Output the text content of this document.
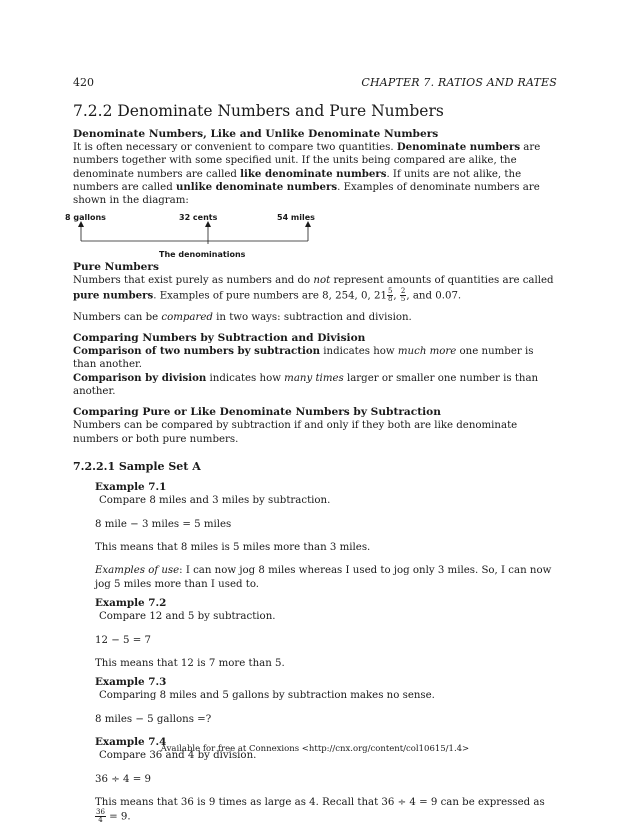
420	CHAPTER 7. RATIOS AND RATES
7.2.2 Denominate Numbers and Pure Numbers
Denominate Numbers, Like and Unlike Denominate Numbers

It is often necessary or convenient to compare two quantities. Denominate numbers are numbers together with some specified unit. If the units being compared are alike, the denominate numbers are called like denominate numbers. If units are not alike, the numbers are called unlike denominate numbers. Examples of denominate numbers are shown in the diagram:

8 gallons	32 cents	54 miles
The denominations
Pure Numbers

Numbers that exist purely as numbers and do not represent amounts of quantities are called pure numbers. Examples of pure numbers are 8, 254, 0, $21 \frac{5}{8}$ , $\frac{2}{5}$ , and 0.07.

Numbers can be compared in two ways: subtraction and division.

Comparing Numbers by Subtraction and Division

Comparison of two numbers by subtraction indicates how much more one number is than another.

Comparison by division indicates how many times larger or smaller one number is than another.

Comparing Pure or Like Denominate Numbers by Subtraction

Numbers can be compared by subtraction if and only if they both are like denominate numbers or both pure numbers.

7.2.2.1 Sample Set A
Example 7.1
Compare 8 miles and 3 miles by subtraction.
8 mile − 3 miles = 5 miles
This means that 8 miles is 5 miles more than 3 miles.
Examples of use: I can now jog 8 miles whereas I used to jog only 3 miles. So, I can now jog 5 miles more than I used to.
Example 7.2
Compare 12 and 5 by subtraction.
12 − 5 = 7
This means that 12 is 7 more than 5.
Example 7.3
Comparing 8 miles and 5 gallons by subtraction makes no sense.
8 miles − 5 gallons =?
Example 7.4
Compare 36 and 4 by division.
36 ÷ 4 = 9
This means that 36 is 9 times as large as 4. Recall that 36 ÷ 4 = 9 can be expressed as
$\frac{36}{4} = 9$.
Available for free at Connexions <http://cnx.org/content/col10615/1.4>
